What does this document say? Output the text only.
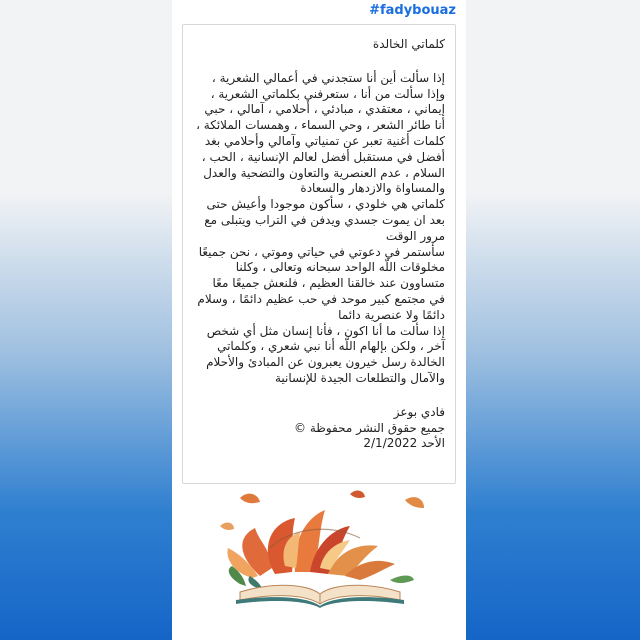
#fadybouaz

كلماتي الخالدة

إذا سألت أين أنا ستجدني في أعمالي الشعرية ،

وإذا سألت من أنا ، ستعرفني بكلماتي الشعرية ،

إيماني ، معتقدي ، مبادئي ، أحلامي ، آمالي ، حبي

أنا طائر الشعر ، وحي السماء ، وهمسات الملائكة ،

كلمات أغنية تعبر عن تمنياتي وآمالي وأحلامي بغد

أفضل في مستقبل أفضل لعالم الإنسانية ، الحب ،

السلام ، عدم العنصرية والتعاون والتضحية والعدل

والمساواة والازدهار والسعادة

كلماتي هي خلودي ، سأكون موجودا وأعيش حتى

بعد ان يموت جسدي ويدفن في التراب ويتبلى مع

مرور الوقت

سأستمر في دعوتي في حياتي وموتي ، نحن جميعًا

مخلوقات اللّه الواحد سبحانه وتعالى ، وكلنا

متساوون عند خالقنا العظيم ، فلنعش جميعًا معًا

في مجتمع كبير موحد في حب عظيم دائمًا ، وسلام

دائمًا ولا عنصرية دائما

إذا سألت ما أنا اكون ، فأنا إنسان مثل أي شخص

آخر ، ولكن بإلهام اللّه أنا نبي شعري ، وكلماتي

الخالدة رسل خيرون يعبرون عن المبادئ والأحلام

والآمال والتطلعات الجيدة للإنسانية

فادي بوعز

جميع حقوق النشر محفوظة ©

الأحد 2/1/2022
